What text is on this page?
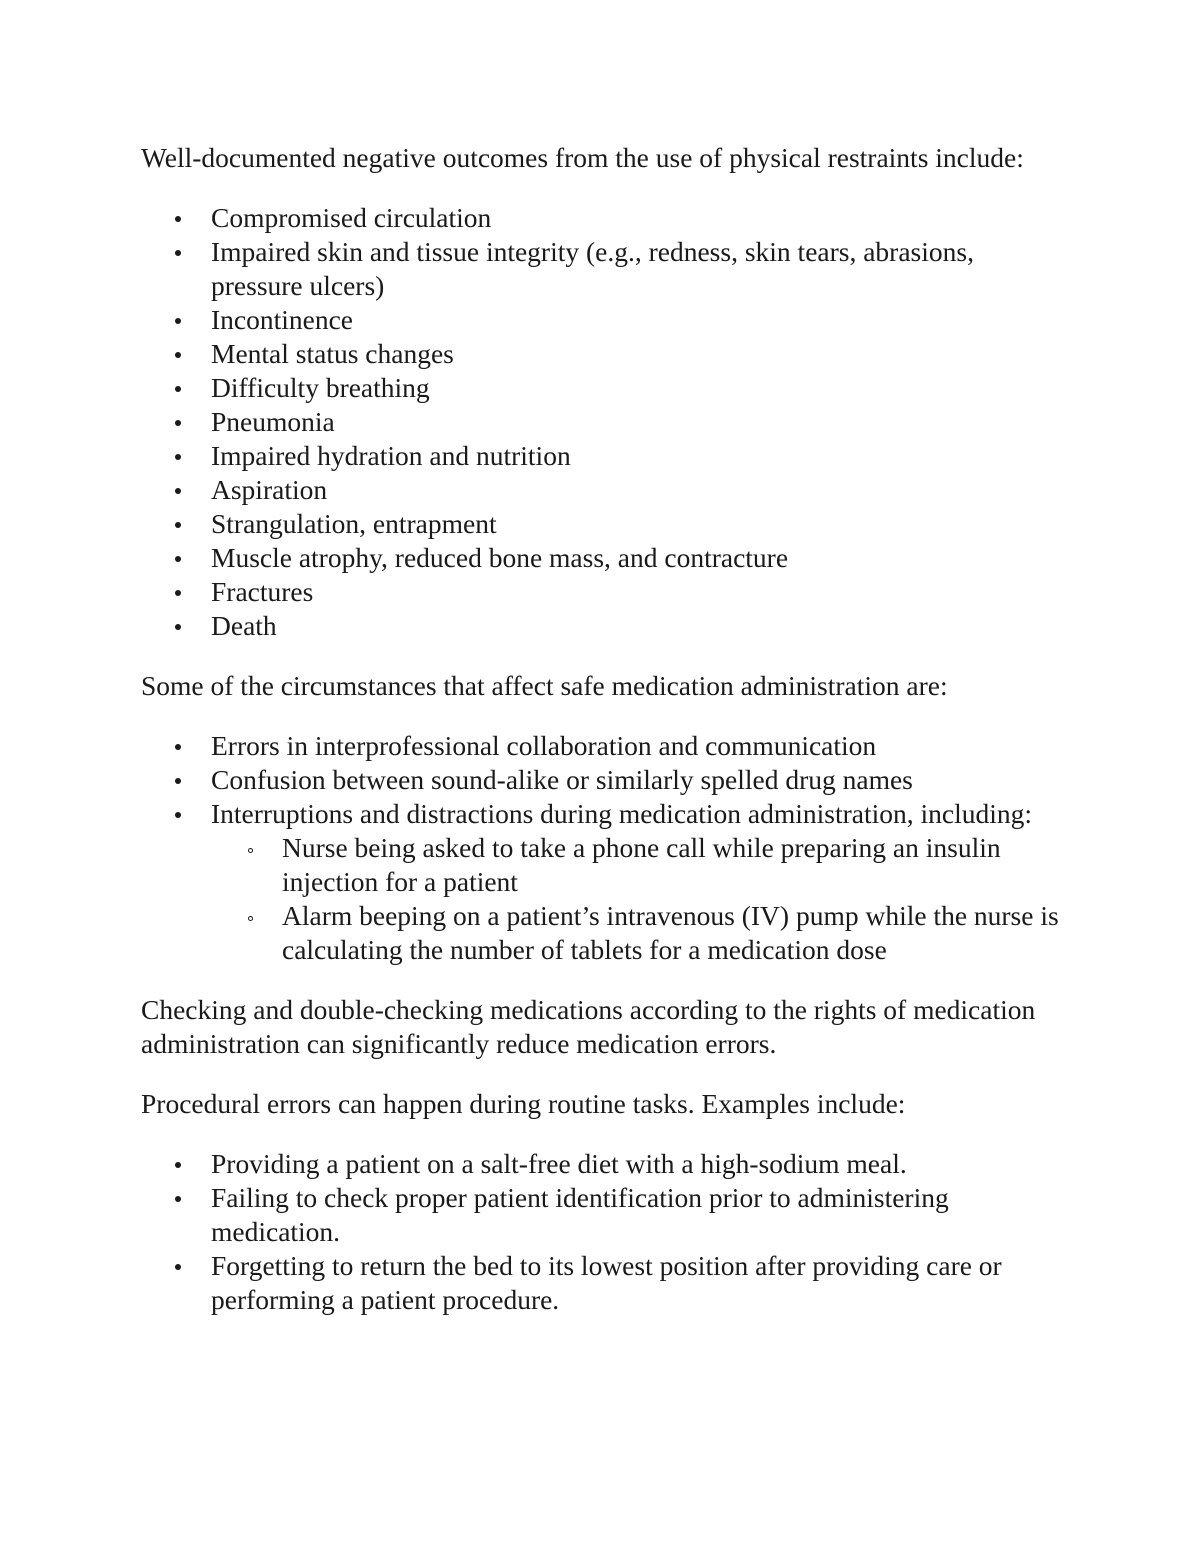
Well-documented negative outcomes from the use of physical restraints include:

Compromised circulation
Impaired skin and tissue integrity (e.g., redness, skin tears, abrasions, pressure ulcers)
Incontinence
Mental status changes
Difficulty breathing
Pneumonia
Impaired hydration and nutrition
Aspiration
Strangulation, entrapment
Muscle atrophy, reduced bone mass, and contracture
Fractures
Death

Some of the circumstances that affect safe medication administration are:

Errors in interprofessional collaboration and communication
Confusion between sound-alike or similarly spelled drug names
Interruptions and distractions during medication administration, including:
Nurse being asked to take a phone call while preparing an insulin injection for a patient
Alarm beeping on a patient’s intravenous (IV) pump while the nurse is calculating the number of tablets for a medication dose

Checking and double-checking medications according to the rights of medication administration can significantly reduce medication errors.

Procedural errors can happen during routine tasks. Examples include:

Providing a patient on a salt-free diet with a high-sodium meal.
Failing to check proper patient identification prior to administering medication.
Forgetting to return the bed to its lowest position after providing care or performing a patient procedure.
